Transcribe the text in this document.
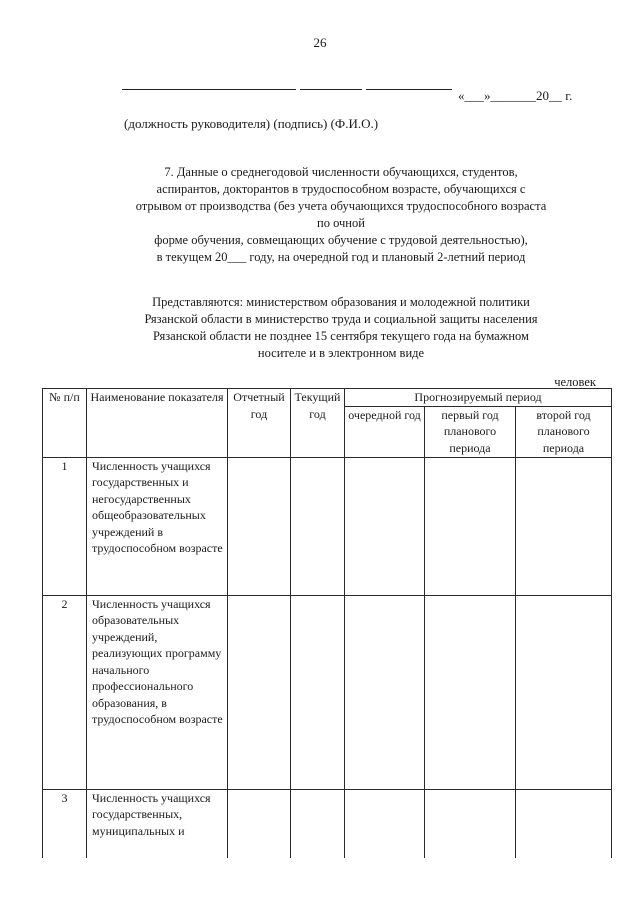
26
«___»_______20__ г.
(должность руководителя) (подпись) (Ф.И.О.)
7. Данные о среднегодовой численности обучающихся, студентов,
аспирантов, докторантов в трудоспособном возрасте, обучающихся с
отрывом от производства (без учета обучающихся трудоспособного возраста
по очной
форме обучения, совмещающих обучение с трудовой деятельностью),
в текущем 20___ году, на очередной год и плановый 2-летний период
Представляются: министерством образования и молодежной политики
Рязанской области в министерство труда и социальной защиты населения
Рязанской области не позднее 15 сентября текущего года на бумажном
носителе и в электронном виде
человек
№ п/п	Наименование показателя	Отчетный год	Текущий год	Прогнозируемый период		
				очередной год	первый год планового периода	второй год планового периода
1	Численность учащихся государственных и негосударственных общеобразовательных учреждений в трудоспособном возрасте					
2	Численность учащихся образовательных учреждений, реализующих программу начального профессионального образования, в трудоспособном возрасте					
3	Численность учащихся государственных, муниципальных и					
